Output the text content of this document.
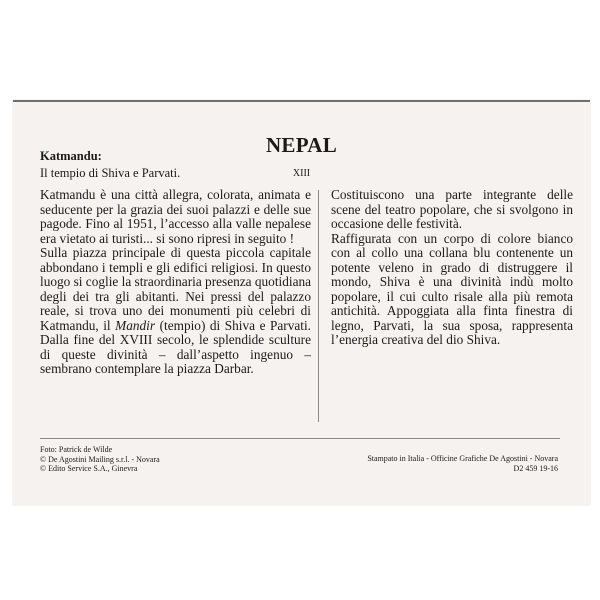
NEPAL
XIII
Katmandu:
Il tempio di Shiva e Parvati.

Katmandu è una città allegra, colorata, animata e seducente per la grazia dei suoi palazzi e delle sue pagode. Fino al 1951, l’accesso alla valle nepalese era vietato ai turisti... si sono ripresi in seguito !

Sulla piazza principale di questa piccola capitale abbondano i templi e gli edifici religiosi. In questo luogo si coglie la straordinaria presenza quotidiana degli dei tra gli abitanti. Nei pressi del palazzo reale, si trova uno dei monumenti più celebri di Katmandu, il Mandir (tempio) di Shiva e Parvati. Dalla fine del XVIII secolo, le splendide sculture di queste divinità – dall’aspetto ingenuo – sembrano contemplare la piazza Darbar.

Costituiscono una parte integrante delle scene del teatro popolare, che si svolgono in occasione delle festività.

Raffigurata con un corpo di colore bianco con al collo una collana blu contenente un potente veleno in grado di distruggere il mondo, Shiva è una divinità indù molto popolare, il cui culto risale alla più remota antichità. Appoggiata alla finta finestra di legno, Parvati, la sua sposa, rappresenta l’energia creativa del dio Shiva.

Foto: Patrick de Wilde
© De Agostini Mailing s.r.l. - Novara
© Edito Service S.A., Ginevra
Stampato in Italia - Officine Grafiche De Agostini - Novara
D2 459 19-16
